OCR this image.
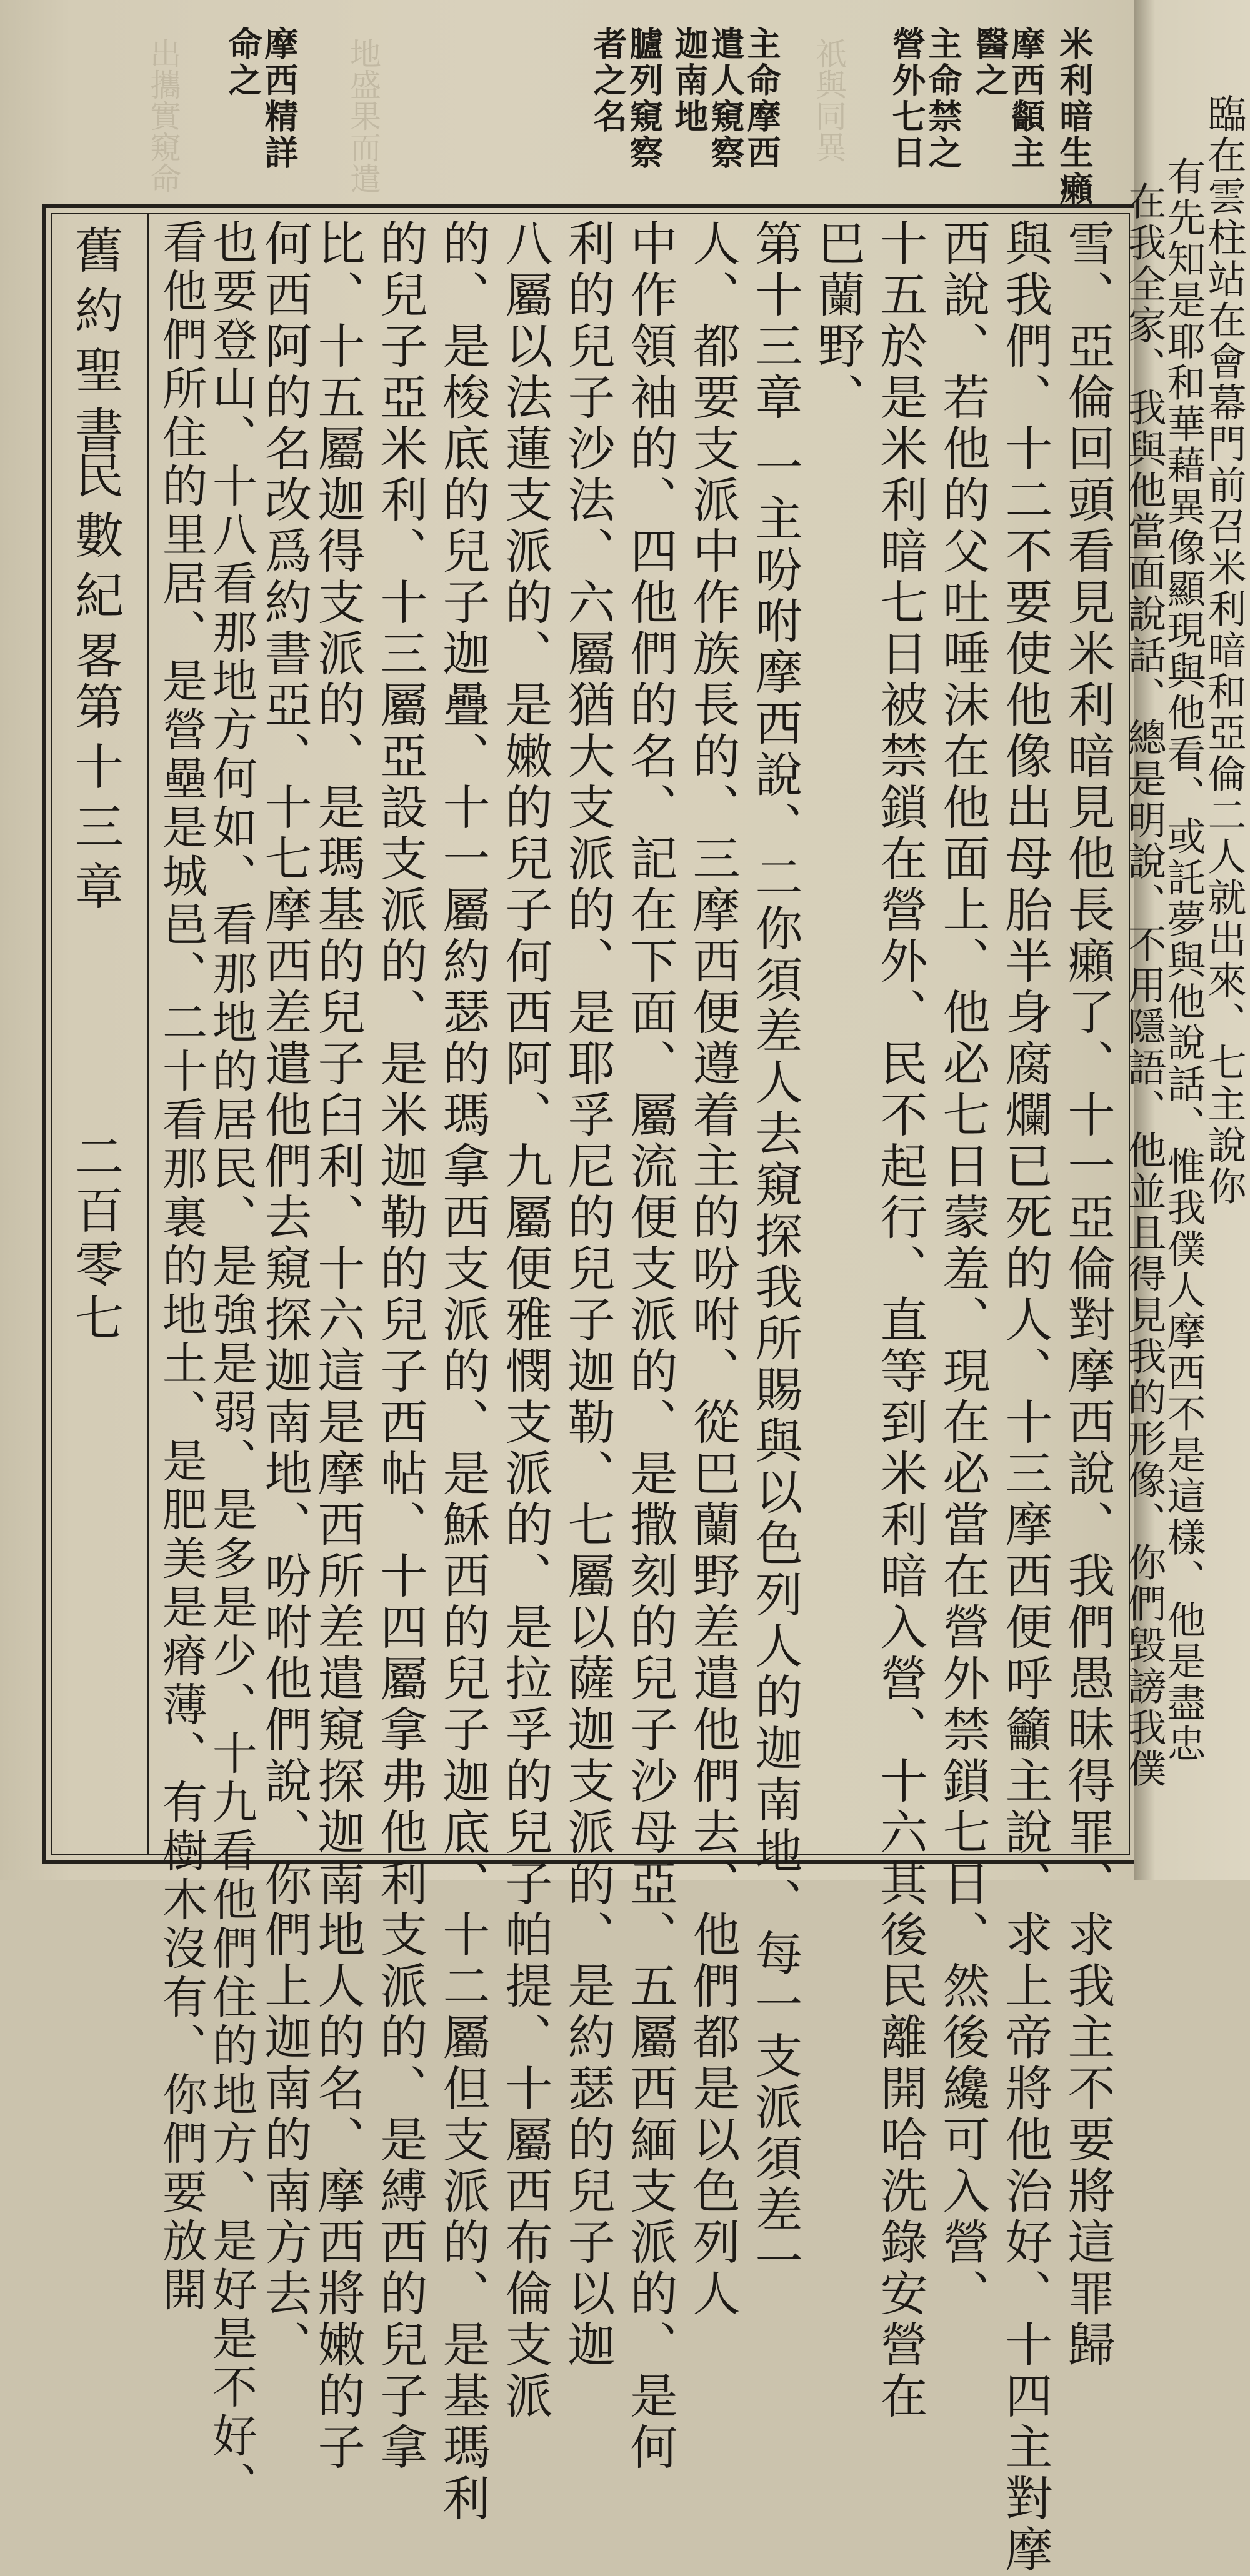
米利暗生癩
摩西顲主醫之
主命禁之營外七日
主命摩西遣人窺察迦南地
臚列窺察者之名
摩西精詳命之	祇與同異
地盛果而遣
出攜實窺命
雪、亞倫回頭看見米利暗見他長癩了、十一亞倫對摩西說、我們愚昧得罪、求我主不要將這罪歸
與我們、十二不要使他像出母胎半身腐爛已死的人、十三摩西便呼籲主說、求上帝將他治好、十四主對摩
西說、若他的父吐唾沫在他面上、他必七日蒙羞、現在必當在營外禁鎖七日、然後纔可入營、
十五於是米利暗七日被禁鎖在營外、民不起行、直等到米利暗入營、十六其後民離開哈洗錄安營在
巴蘭野、
第十三章 一主吩咐摩西說、二你須差人去窺探我所賜與以色列人的迦南地、每一支派須差一
人、都要支派中作族長的、三摩西便遵着主的吩咐、從巴蘭野差遣他們去、他們都是以色列人
中作領袖的、四他們的名、記在下面、屬流便支派的、是撒刻的兒子沙母亞、五屬西緬支派的、是何
利的兒子沙法、六屬猶大支派的、是耶孚尼的兒子迦勒、七屬以薩迦支派的、是約瑟的兒子以迦
八屬以法蓮支派的、是嫩的兒子何西阿、九屬便雅憫支派的、是拉孚的兒子帕提、十屬西布倫支派
的、是梭底的兒子迦疊、十一屬約瑟的瑪拿西支派的、是穌西的兒子迦底、十二屬但支派的、是基瑪利
的兒子亞米利、十三屬亞設支派的、是米迦勒的兒子西帖、十四屬拿弗他利支派的、是縛西的兒子拿
比、十五屬迦得支派的、是瑪基的兒子臼利、十六這是摩西所差遣窺探迦南地人的名、摩西將嫩的子
何西阿的名改爲約書亞、十七摩西差遣他們去窺探迦南地、吩咐他們說、你們上迦南的南方去、
也要登山、十八看那地方何如、看那地的居民、是強是弱、是多是少、十九看他們住的地方、是好是不好、
看他們所住的里居、是營壘是城邑、二十看那裏的地土、是肥美是瘠薄、有樹木沒有、你們要放開
舊約聖書
民數紀畧
第十三章
二百零七
臨在雲柱站在會幕門前召米利暗和亞倫二人就出來、七主說你
有先知是耶和華藉異像顯現與他看、或託夢與他說話、惟我僕人摩西不是這樣、他是盡忠
在我全家、我與他當面說話、總是明說、不用隱語、他並且得見我的形像、你們毀謗我僕
